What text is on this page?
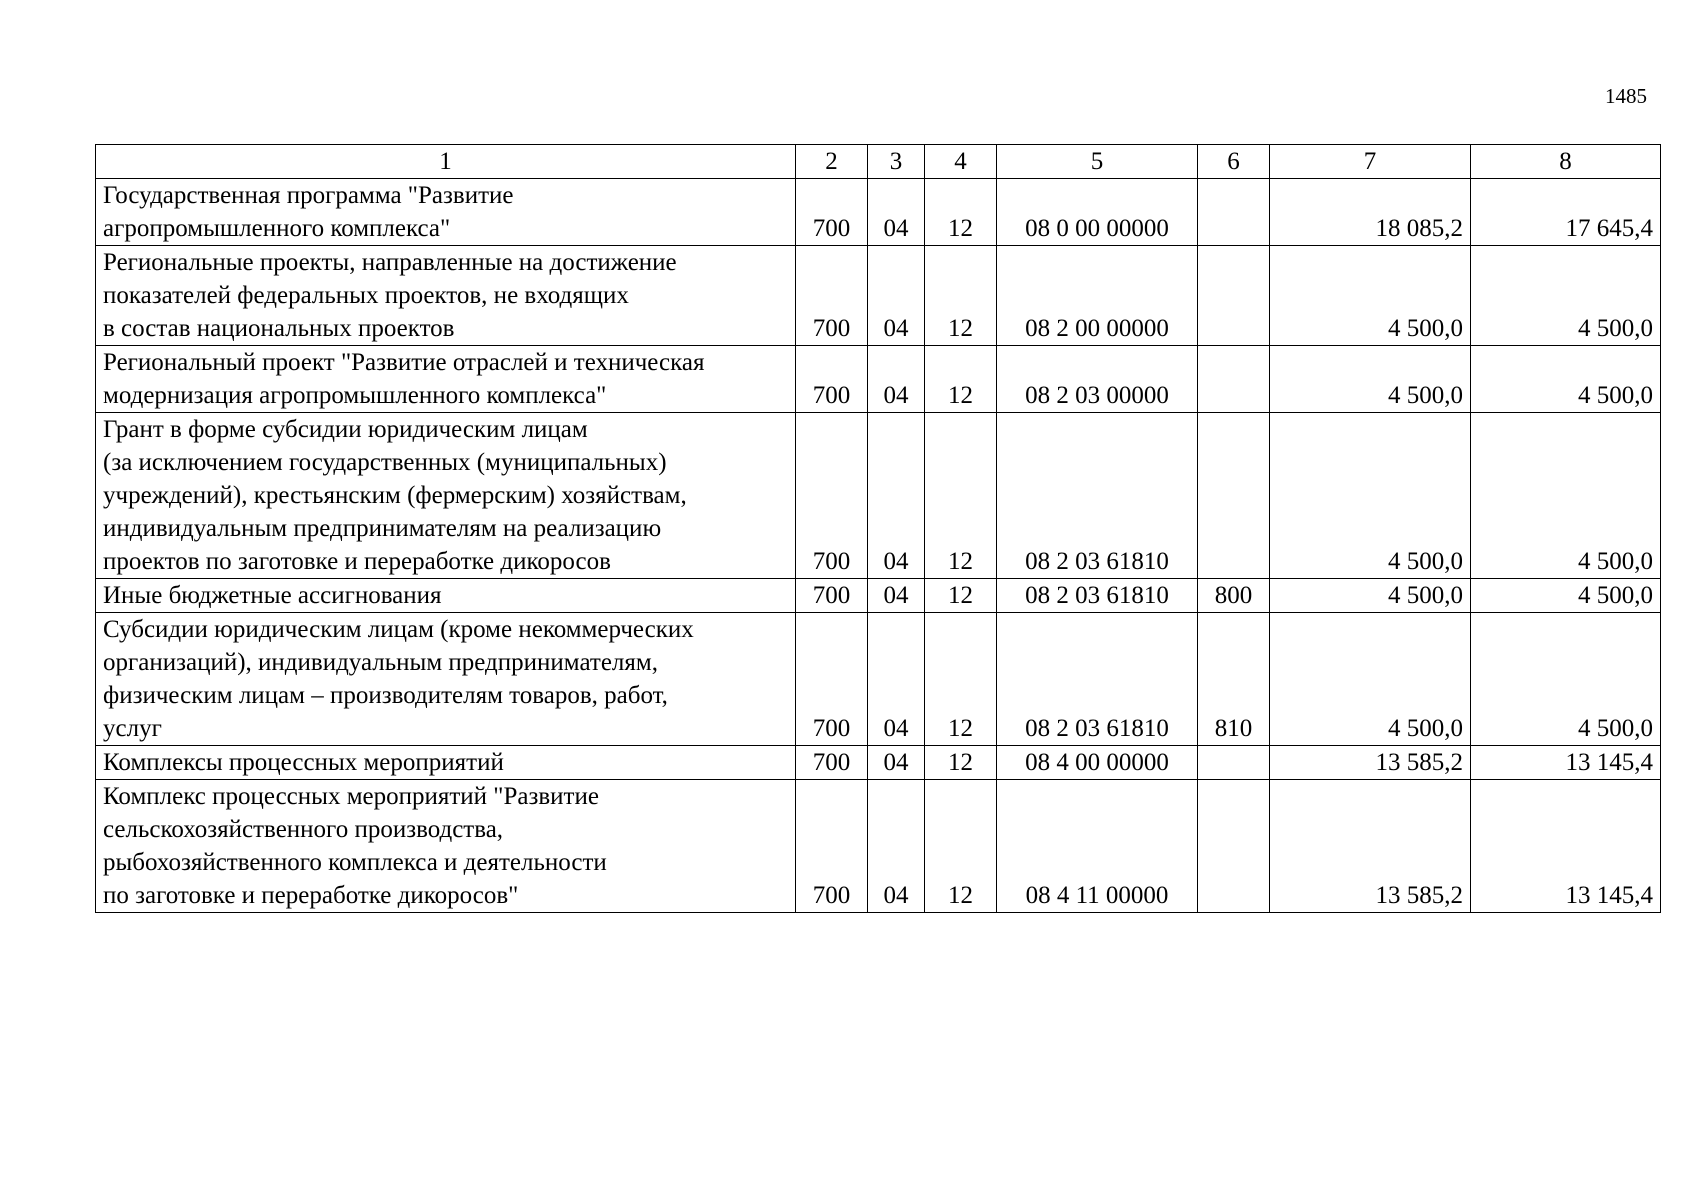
1485
1	2	3	4	5	6	7	8
Государственная программа "Развитие
агропромышленного комплекса"	700	04	12	08 0 00 00000		18 085,2	17 645,4
Региональные проекты, направленные на достижение
показателей федеральных проектов, не входящих
в состав национальных проектов	700	04	12	08 2 00 00000		4 500,0	4 500,0
Региональный проект "Развитие отраслей и техническая
модернизация агропромышленного комплекса"	700	04	12	08 2 03 00000		4 500,0	4 500,0
Грант в форме субсидии юридическим лицам
(за исключением государственных (муниципальных)
учреждений), крестьянским (фермерским) хозяйствам,
индивидуальным предпринимателям на реализацию
проектов по заготовке и переработке дикоросов	700	04	12	08 2 03 61810		4 500,0	4 500,0
Иные бюджетные ассигнования	700	04	12	08 2 03 61810	800	4 500,0	4 500,0
Субсидии юридическим лицам (кроме некоммерческих
организаций), индивидуальным предпринимателям,
физическим лицам – производителям товаров, работ,
услуг	700	04	12	08 2 03 61810	810	4 500,0	4 500,0
Комплексы процессных мероприятий	700	04	12	08 4 00 00000		13 585,2	13 145,4
Комплекс процессных мероприятий "Развитие
сельскохозяйственного производства,
рыбохозяйственного комплекса и деятельности
по заготовке и переработке дикоросов"	700	04	12	08 4 11 00000		13 585,2	13 145,4
